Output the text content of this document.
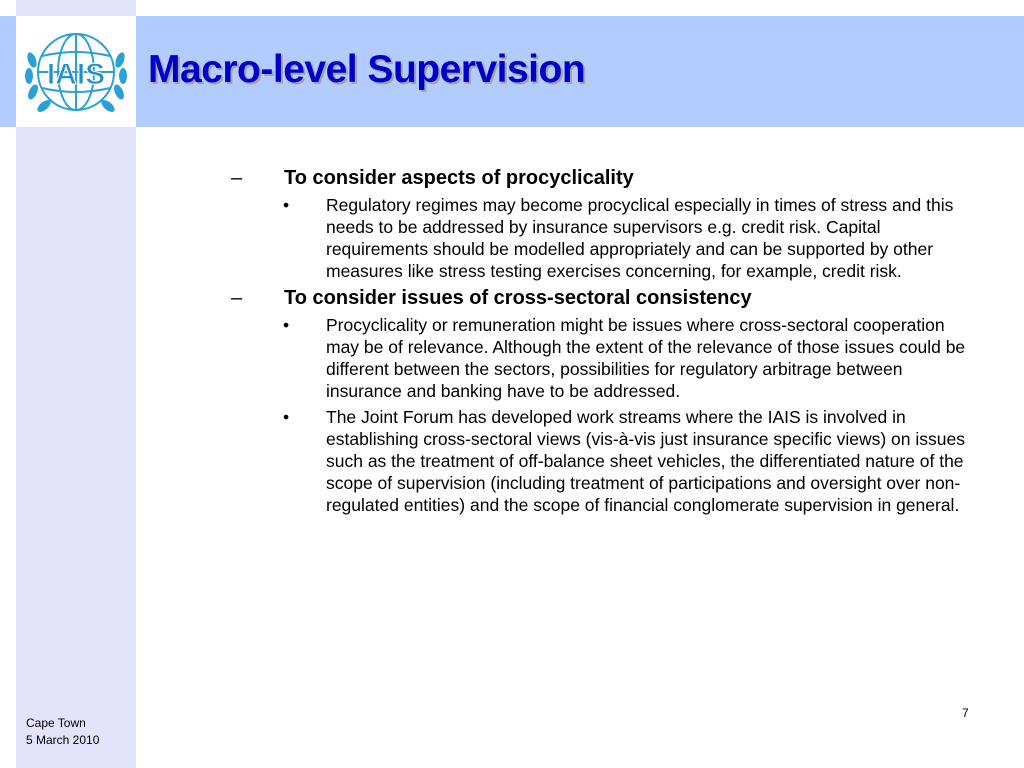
IAIS Macro-level Supervision
– To consider aspects of procyclicality
• Regulatory regimes may become procyclical especially in times of stress and this needs to be addressed by insurance supervisors e.g. credit risk. Capital requirements should be modelled appropriately and can be supported by other measures like stress testing exercises concerning, for example, credit risk.
– To consider issues of cross-sectoral consistency
• Procyclicality or remuneration might be issues where cross-sectoral cooperation may be of relevance. Although the extent of the relevance of those issues could be different between the sectors, possibilities for regulatory arbitrage between insurance and banking have to be addressed.
• The Joint Forum has developed work streams where the IAIS is involved in establishing cross-sectoral views (vis-à-vis just insurance specific views) on issues such as the treatment of off-balance sheet vehicles, the differentiated nature of the scope of supervision (including treatment of participations and oversight over non-regulated entities) and the scope of financial conglomerate supervision in general.
Cape Town
5 March 2010
7
